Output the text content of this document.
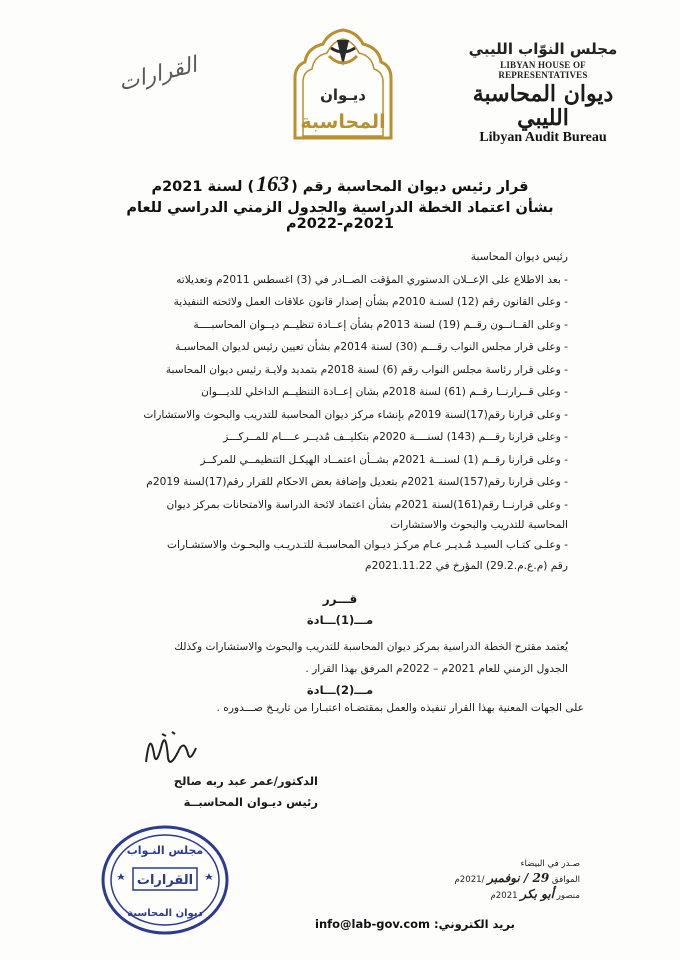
مجلس النوّاب الليبي
LIBYAN HOUSE OF REPRESENTATIVES
ديوان المحاسبة الليبي
Libyan Audit Bureau
ديـوان
المحاسبة
القرارات
قرار رئيس ديوان المحاسبة رقم (163) لسنة 2021م
بشأن اعتماد الخطة الدراسية والجدول الزمني الدراسي للعام 2021م-2022م
رئيس ديوان المحاسبة
- بعد الاطلاع على الإعــلان الدستوري المؤقت الصــادر في (3) اغسطس 2011م وتعديلاته
- وعلى القانون رقم (12) لسنـة 2010م بشأن إصدار قانون علاقات العمل ولائحته التنفيذية
- وعلى القــانــون رقــم (19) لسنة 2013م بشأن إعــادة تنظيــم ديــوان المحاسبــــة
- وعلى قرار مجلس النواب رقـــم (30) لسنة 2014م بشأن تعيين رئيس لديوان المحاسبـة
- وعلى قرار رئاسة مجلس النواب رقم (6) لسنة 2018م بتمديد ولايـة رئيس ديوان المحاسبة
- وعلى قــرارنــا رقــم (61) لسنة 2018م بشان إعــادة التنظيــم الداخلي للديـــوان
- وعلى قرارنا رقم(17)لسنة 2019م بإنشاء مركز ديوان المحاسبة للتدريب والبحوث والاستشارات
- وعلى قرارنا رقـــم (143) لسنــــة 2020م بتكليــف مُديــر عــــام للمــركـــز
- وعلى قرارنا رقــم (1) لسنـــة 2021م بشــأن اعتمــاد الهيكـل التنظيمــي للمركــز
- وعلى قرارنا رقم(157)لسنة 2021م بتعديل وإضافة بعض الاحكام للقرار رقم(17)لسنة 2019م
- وعلى قرارنــا رقم(161)لسنة 2021م بشأن اعتماد لائحة الدراسة والامتحانات بمركز ديوان
المحاسبة للتدريب والبحوث والاستشارات
- وعلـى كتـاب السيـد مُـديـر عـام مركـز ديـوان المحاسبـة للتـدريـب والبحـوث والاستشـارات
رقم (م.ع.م.29.2) المؤرخ في 2021.11.22م
قـــرر
مـــ(1)ـــادة
يُعتمد مقترح الخطة الدراسية بمركز ديوان المحاسبة للتدريب والبحوث والاستشارات وكذلك
الجدول الزمني للعام 2021م – 2022م المرفق بهذا القرار .
مـــ(2)ـــادة
على الجهات المعنية بهذا القرار تنفيذه والعمل بمقتضـاه اعتبـارا من تاريـخ صـــدوره .
الدكتور/عمر عبد ربه صالح
رئيس ديـوان المحاسبــة
مجلس النـواب
القرارات
ديوان المحاسبة
صـدر في البيضاء
الموافق 29 / نوفمبر /2021م
منصور أبو بكر 2021م
بريد الكتروني: info@lab-gov.com
